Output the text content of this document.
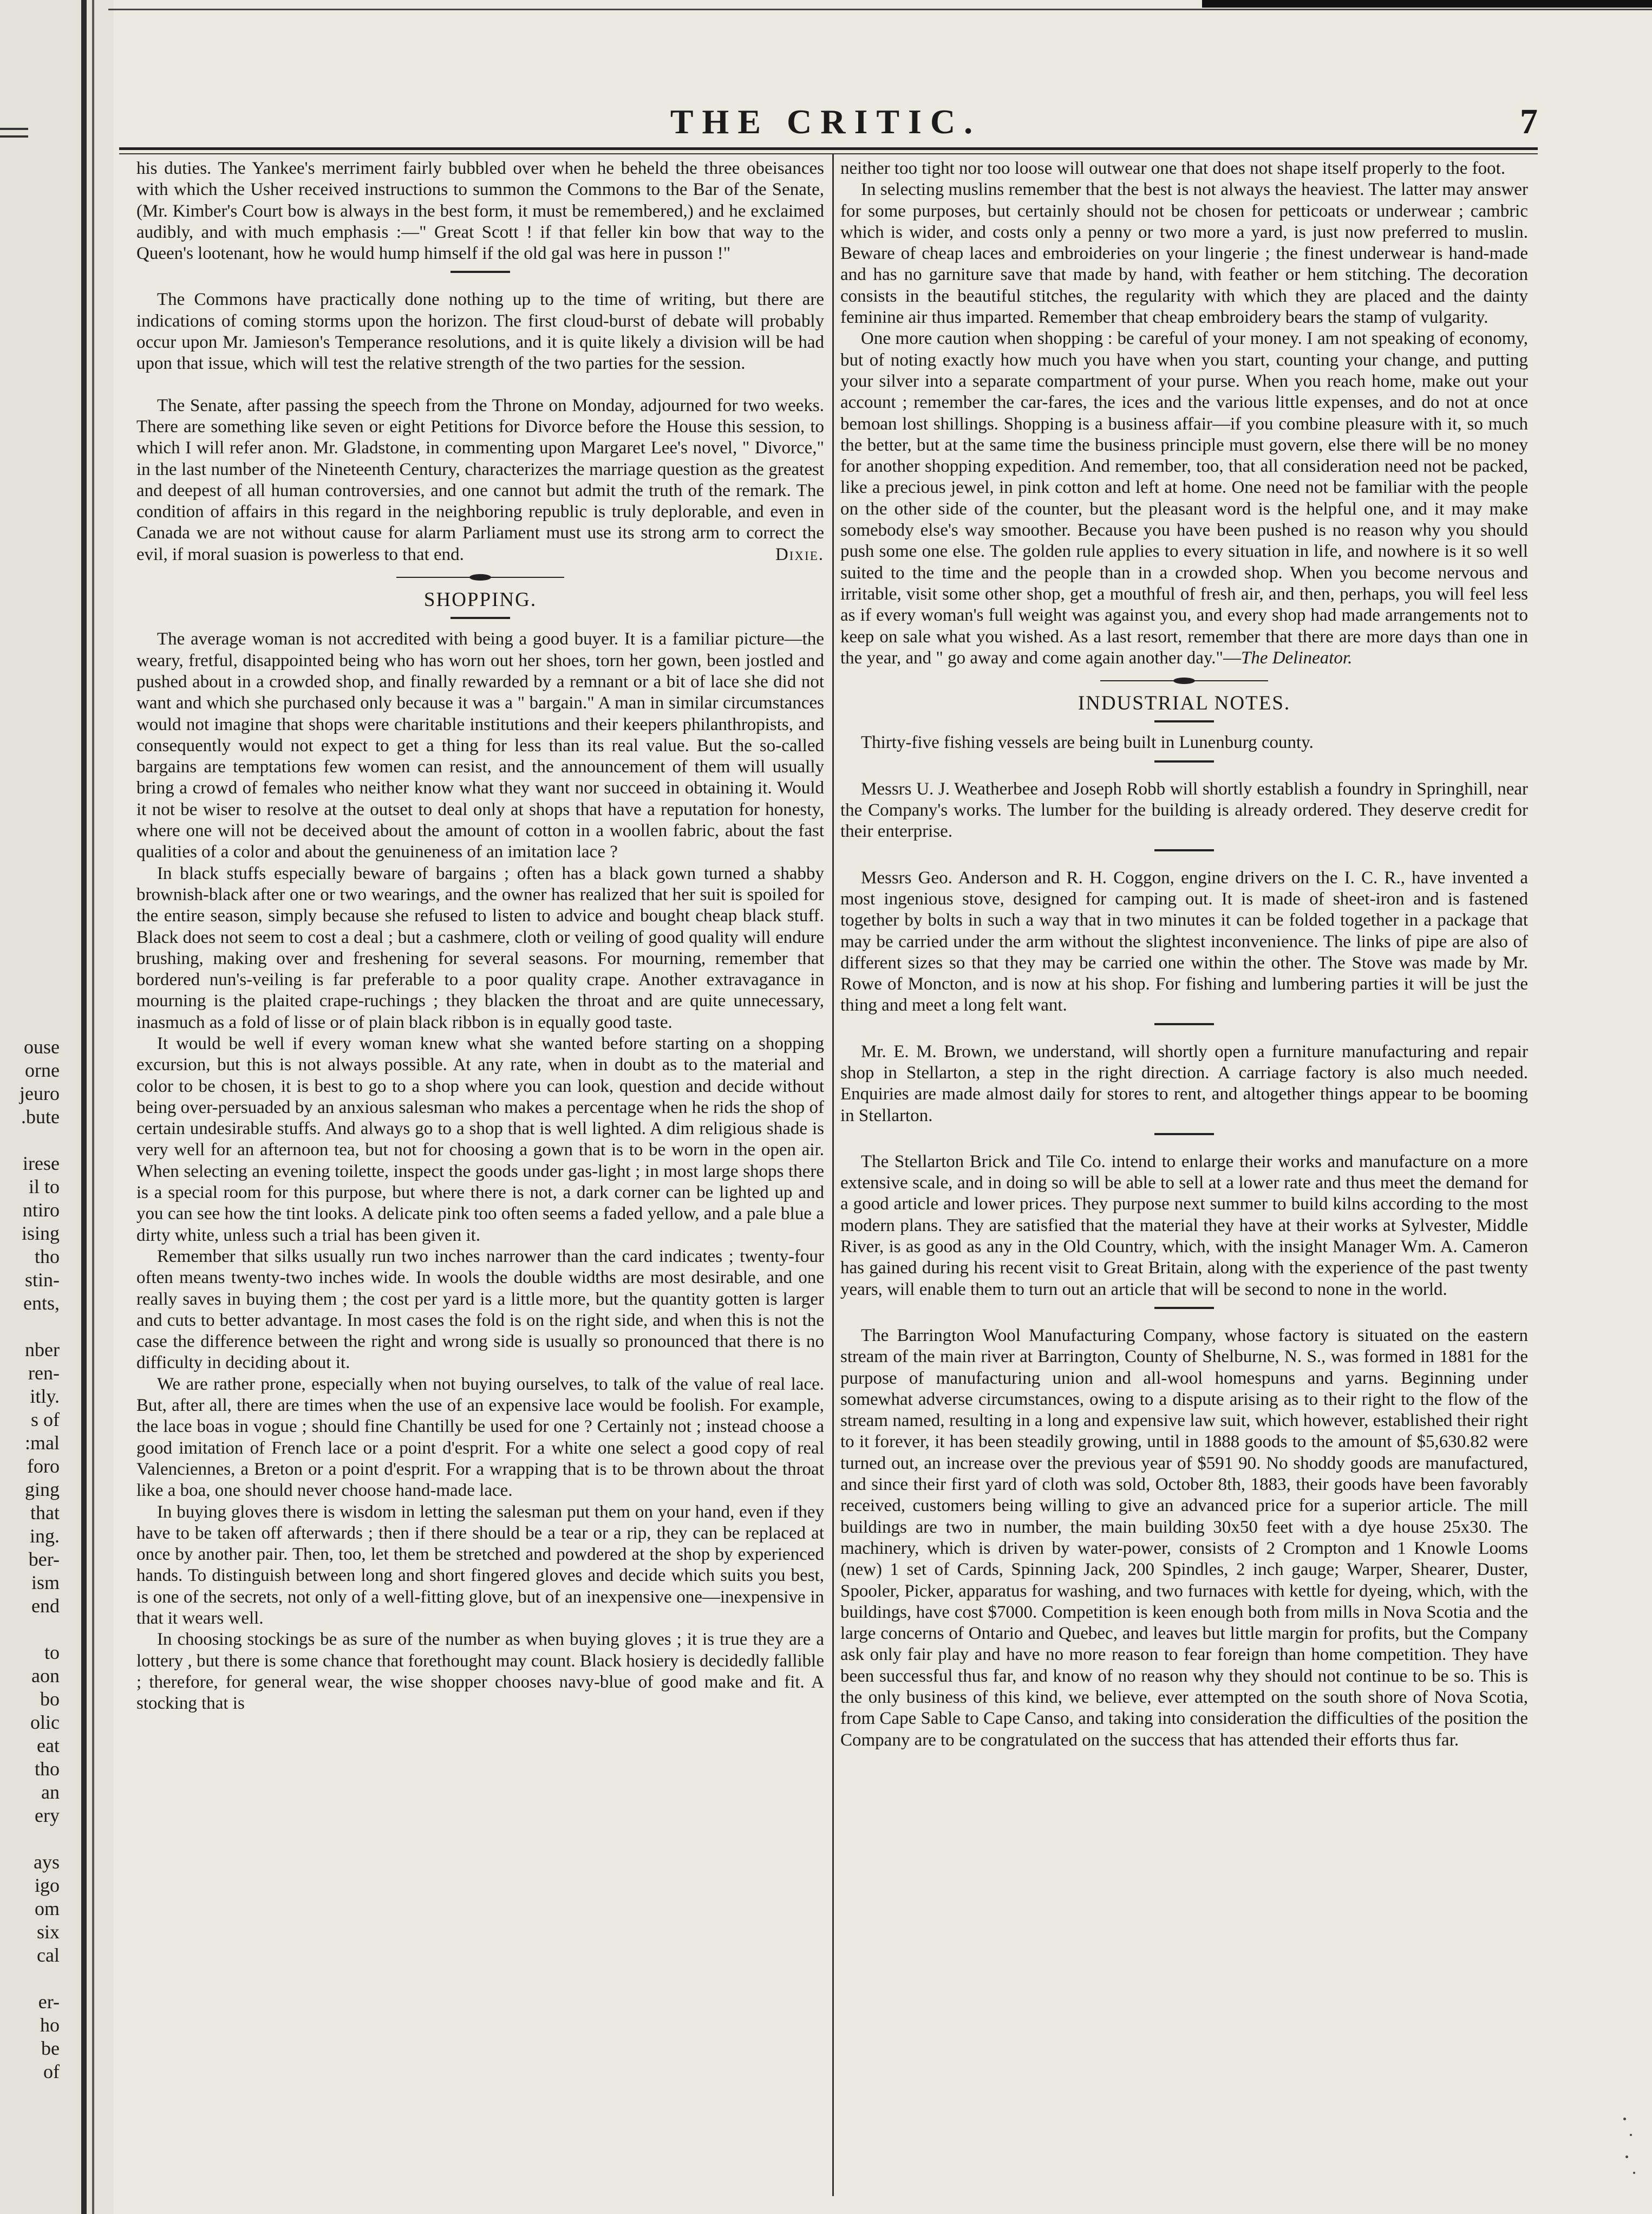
ouse
orne
jeuro
.bute
irese
il to
ntiro
ising
tho
stin-
ents,
nber
ren-
itly.
s of
:mal
foro
ging
that
ing.
ber-
ism
end
to
aon
bo
olic
eat
tho
an
ery
ays
igo
om
six
cal
er-
ho
be
of
THE CRITIC.	7

his duties. The Yankee's merriment fairly bubbled over when he beheld the three obeisances with which the Usher received instructions to summon the Commons to the Bar of the Senate, (Mr. Kimber's Court bow is always in the best form, it must be remembered,) and he exclaimed audibly, and with much emphasis :—" Great Scott ! if that feller kin bow that way to the Queen's lootenant, how he would hump himself if the old gal was here in pusson !"

The Commons have practically done nothing up to the time of writing, but there are indications of coming storms upon the horizon. The first cloud-burst of debate will probably occur upon Mr. Jamieson's Temperance resolutions, and it is quite likely a division will be had upon that issue, which will test the relative strength of the two parties for the session.

The Senate, after passing the speech from the Throne on Monday, adjourned for two weeks. There are something like seven or eight Petitions for Divorce before the House this session, to which I will refer anon. Mr. Gladstone, in commenting upon Margaret Lee's novel, " Divorce," in the last number of the Nineteenth Century, characterizes the marriage question as the greatest and deepest of all human controversies, and one cannot but admit the truth of the remark. The condition of affairs in this regard in the neighboring republic is truly deplorable, and even in Canada we are not without cause for alarm Parliament must use its strong arm to correct the evil, if moral suasion is powerless to that end.	Dixie.

SHOPPING.

The average woman is not accredited with being a good buyer. It is a familiar picture—the weary, fretful, disappointed being who has worn out her shoes, torn her gown, been jostled and pushed about in a crowded shop, and finally rewarded by a remnant or a bit of lace she did not want and which she purchased only because it was a " bargain." A man in similar circumstances would not imagine that shops were charitable institutions and their keepers philanthropists, and consequently would not expect to get a thing for less than its real value. But the so-called bargains are temptations few women can resist, and the announcement of them will usually bring a crowd of females who neither know what they want nor succeed in obtaining it. Would it not be wiser to resolve at the outset to deal only at shops that have a reputation for honesty, where one will not be deceived about the amount of cotton in a woollen fabric, about the fast qualities of a color and about the genuineness of an imitation lace ?

In black stuffs especially beware of bargains ; often has a black gown turned a shabby brownish-black after one or two wearings, and the owner has realized that her suit is spoiled for the entire season, simply because she refused to listen to advice and bought cheap black stuff. Black does not seem to cost a deal ; but a cashmere, cloth or veiling of good quality will endure brushing, making over and freshening for several seasons. For mourning, remember that bordered nun's-veiling is far preferable to a poor quality crape. Another extravagance in mourning is the plaited crape-ruchings ; they blacken the throat and are quite unnecessary, inasmuch as a fold of lisse or of plain black ribbon is in equally good taste.

It would be well if every woman knew what she wanted before starting on a shopping excursion, but this is not always possible. At any rate, when in doubt as to the material and color to be chosen, it is best to go to a shop where you can look, question and decide without being over-persuaded by an anxious salesman who makes a percentage when he rids the shop of certain undesirable stuffs. And always go to a shop that is well lighted. A dim religious shade is very well for an afternoon tea, but not for choosing a gown that is to be worn in the open air. When selecting an evening toilette, inspect the goods under gas-light ; in most large shops there is a special room for this purpose, but where there is not, a dark corner can be lighted up and you can see how the tint looks. A delicate pink too often seems a faded yellow, and a pale blue a dirty white, unless such a trial has been given it.

Remember that silks usually run two inches narrower than the card indicates ; twenty-four often means twenty-two inches wide. In wools the double widths are most desirable, and one really saves in buying them ; the cost per yard is a little more, but the quantity gotten is larger and cuts to better advantage. In most cases the fold is on the right side, and when this is not the case the difference between the right and wrong side is usually so pronounced that there is no difficulty in deciding about it.

We are rather prone, especially when not buying ourselves, to talk of the value of real lace. But, after all, there are times when the use of an expensive lace would be foolish. For example, the lace boas in vogue ; should fine Chantilly be used for one ? Certainly not ; instead choose a good imitation of French lace or a point d'esprit. For a white one select a good copy of real Valenciennes, a Breton or a point d'esprit. For a wrapping that is to be thrown about the throat like a boa, one should never choose hand-made lace.

In buying gloves there is wisdom in letting the salesman put them on your hand, even if they have to be taken off afterwards ; then if there should be a tear or a rip, they can be replaced at once by another pair. Then, too, let them be stretched and powdered at the shop by experienced hands. To distinguish between long and short fingered gloves and decide which suits you best, is one of the secrets, not only of a well-fitting glove, but of an inexpensive one—inexpensive in that it wears well.

In choosing stockings be as sure of the number as when buying gloves ; it is true they are a lottery , but there is some chance that forethought may count. Black hosiery is decidedly fallible ; therefore, for general wear, the wise shopper chooses navy-blue of good make and fit. A stocking that is

neither too tight nor too loose will outwear one that does not shape itself properly to the foot.

In selecting muslins remember that the best is not always the heaviest. The latter may answer for some purposes, but certainly should not be chosen for petticoats or underwear ; cambric which is wider, and costs only a penny or two more a yard, is just now preferred to muslin. Beware of cheap laces and embroideries on your lingerie ; the finest underwear is hand-made and has no garniture save that made by hand, with feather or hem stitching. The decoration consists in the beautiful stitches, the regularity with which they are placed and the dainty feminine air thus imparted. Remember that cheap embroidery bears the stamp of vulgarity.

One more caution when shopping : be careful of your money. I am not speaking of economy, but of noting exactly how much you have when you start, counting your change, and putting your silver into a separate compartment of your purse. When you reach home, make out your account ; remember the car-fares, the ices and the various little expenses, and do not at once bemoan lost shillings. Shopping is a business affair—if you combine pleasure with it, so much the better, but at the same time the business principle must govern, else there will be no money for another shopping expedition. And remember, too, that all consideration need not be packed, like a precious jewel, in pink cotton and left at home. One need not be familiar with the people on the other side of the counter, but the pleasant word is the helpful one, and it may make somebody else's way smoother. Because you have been pushed is no reason why you should push some one else. The golden rule applies to every situation in life, and nowhere is it so well suited to the time and the people than in a crowded shop. When you become nervous and irritable, visit some other shop, get a mouthful of fresh air, and then, perhaps, you will feel less as if every woman's full weight was against you, and every shop had made arrangements not to keep on sale what you wished. As a last resort, remember that there are more days than one in the year, and " go away and come again another day."—The Delineator.

INDUSTRIAL NOTES.

Thirty-five fishing vessels are being built in Lunenburg county.

Messrs U. J. Weatherbee and Joseph Robb will shortly establish a foundry in Springhill, near the Company's works. The lumber for the building is already ordered. They deserve credit for their enterprise.

Messrs Geo. Anderson and R. H. Coggon, engine drivers on the I. C. R., have invented a most ingenious stove, designed for camping out. It is made of sheet-iron and is fastened together by bolts in such a way that in two minutes it can be folded together in a package that may be carried under the arm without the slightest inconvenience. The links of pipe are also of different sizes so that they may be carried one within the other. The Stove was made by Mr. Rowe of Moncton, and is now at his shop. For fishing and lumbering parties it will be just the thing and meet a long felt want.

Mr. E. M. Brown, we understand, will shortly open a furniture manufacturing and repair shop in Stellarton, a step in the right direction. A carriage factory is also much needed. Enquiries are made almost daily for stores to rent, and altogether things appear to be booming in Stellarton.

The Stellarton Brick and Tile Co. intend to enlarge their works and manufacture on a more extensive scale, and in doing so will be able to sell at a lower rate and thus meet the demand for a good article and lower prices. They purpose next summer to build kilns according to the most modern plans. They are satisfied that the material they have at their works at Sylvester, Middle River, is as good as any in the Old Country, which, with the insight Manager Wm. A. Cameron has gained during his recent visit to Great Britain, along with the experience of the past twenty years, will enable them to turn out an article that will be second to none in the world.

The Barrington Wool Manufacturing Company, whose factory is situated on the eastern stream of the main river at Barrington, County of Shelburne, N. S., was formed in 1881 for the purpose of manufacturing union and all-wool homespuns and yarns. Beginning under somewhat adverse circumstances, owing to a dispute arising as to their right to the flow of the stream named, resulting in a long and expensive law suit, which however, established their right to it forever, it has been steadily growing, until in 1888 goods to the amount of $5,630.82 were turned out, an increase over the previous year of $591 90. No shoddy goods are manufactured, and since their first yard of cloth was sold, October 8th, 1883, their goods have been favorably received, customers being willing to give an advanced price for a superior article. The mill buildings are two in number, the main building 30x50 feet with a dye house 25x30. The machinery, which is driven by water-power, consists of 2 Crompton and 1 Knowle Looms (new) 1 set of Cards, Spinning Jack, 200 Spindles, 2 inch gauge; Warper, Shearer, Duster, Spooler, Picker, apparatus for washing, and two furnaces with kettle for dyeing, which, with the buildings, have cost $7000. Competition is keen enough both from mills in Nova Scotia and the large concerns of Ontario and Quebec, and leaves but little margin for profits, but the Company ask only fair play and have no more reason to fear foreign than home competition. They have been successful thus far, and know of no reason why they should not continue to be so. This is the only business of this kind, we believe, ever attempted on the south shore of Nova Scotia, from Cape Sable to Cape Canso, and taking into consideration the difficulties of the position the Company are to be congratulated on the success that has attended their efforts thus far.
